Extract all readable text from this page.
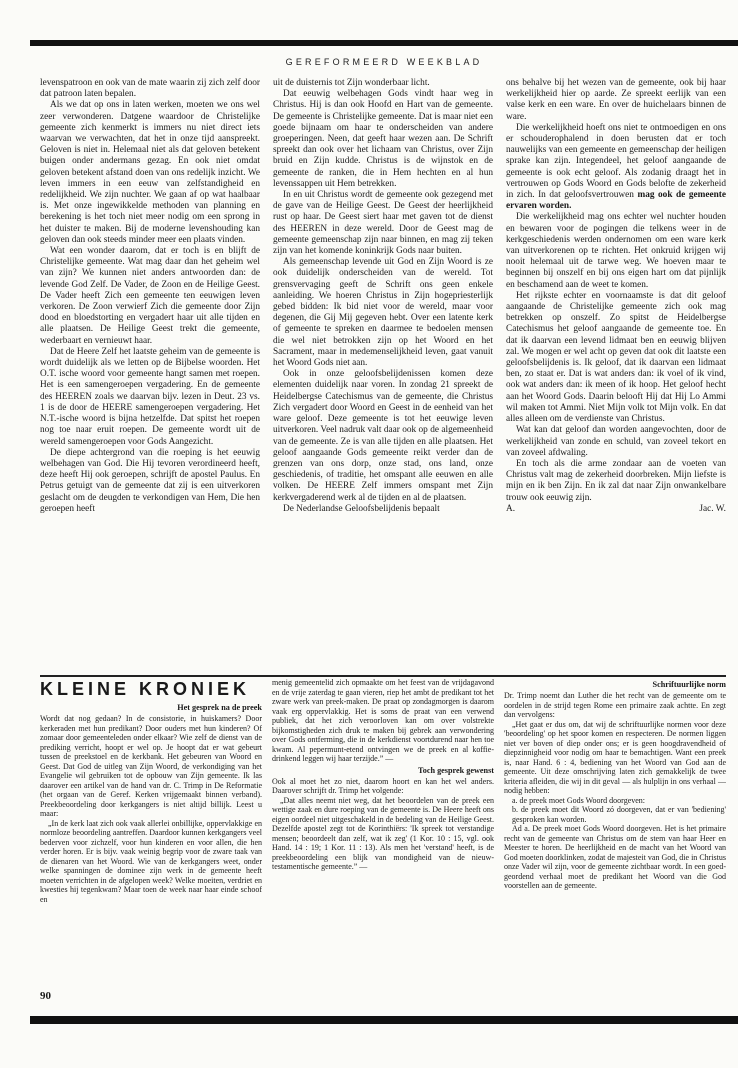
GEREFORMEERD WEEKBLAD

levenspatroon en ook van de mate waarin zij zich zelf door dat patroon laten bepalen.

Als we dat op ons in laten werken, moeten we ons wel zeer verwonderen. Datgene waardoor de Christelijke gemeente zich kenmerkt is immers nu niet direct iets waarvan we verwachten, dat het in onze tijd aanspreekt. Geloven is niet in. Helemaal niet als dat geloven betekent buigen onder andermans gezag. En ook niet omdat geloven betekent afstand doen van ons redelijk inzicht. We leven immers in een eeuw van zelfstandigheid en redelijkheid. We zijn nuchter. We gaan af op wat haalbaar is. Met onze ingewikkelde methoden van planning en berekening is het toch niet meer nodig om een sprong in het duister te maken. Bij de moderne levenshouding kan geloven dan ook steeds minder meer een plaats vinden.

Wat een wonder daarom, dat er toch is en blijft de Christelijke gemeente. Wat mag daar dan het geheim wel van zijn? We kunnen niet anders antwoorden dan: de levende God Zelf. De Vader, de Zoon en de Heilige Geest. De Vader heeft Zich een gemeente ten eeuwigen leven verkoren. De Zoon verwierf Zich die gemeente door Zijn dood en bloedstorting en vergadert haar uit alle tijden en alle plaatsen. De Heilige Geest trekt die gemeente, wederbaart en vernieuwt haar.

Dat de Heere Zelf het laatste geheim van de gemeente is wordt duidelijk als we letten op de Bijbelse woorden. Het O.T. ische woord voor gemeente hangt samen met roepen. Het is een samengeroepen vergadering. En de gemeente des HEEREN zoals we daarvan bijv. lezen in Deut. 23 vs. 1 is de door de HEERE samengeroepen vergadering. Het N.T.-ische woord is bijna hetzelfde. Dat spitst het roepen nog toe naar eruit roepen. De gemeente wordt uit de wereld samengeroepen voor Gods Aangezicht.

De diepe achtergrond van die roeping is het eeuwig welbehagen van God. Die Hij tevoren verordineerd heeft, deze heeft Hij ook geroepen, schrijft de apostel Paulus. En Petrus getuigt van de gemeente dat zij is een uitverkoren geslacht om de deugden te verkondigen van Hem, Die hen geroepen heeft

uit de duisternis tot Zijn wonderbaar licht.

Dat eeuwig welbehagen Gods vindt haar weg in Christus. Hij is dan ook Hoofd en Hart van de gemeente. De gemeente is Christelijke gemeente. Dat is maar niet een goede bijnaam om haar te onderscheiden van andere groeperingen. Neen, dat geeft haar wezen aan. De Schrift spreekt dan ook over het lichaam van Christus, over Zijn bruid en Zijn kudde. Christus is de wijnstok en de gemeente de ranken, die in Hem hechten en al hun levenssappen uit Hem betrekken.

In en uit Christus wordt de gemeente ook gezegend met de gave van de Heilige Geest. De Geest der heerlijkheid rust op haar. De Geest siert haar met gaven tot de dienst des HEEREN in deze wereld. Door de Geest mag de gemeente gemeenschap zijn naar binnen, en mag zij teken zijn van het komende koninkrijk Gods naar buiten.

Als gemeenschap levende uit God en Zijn Woord is ze ook duidelijk onderscheiden van de wereld. Tot grensvervaging geeft de Schrift ons geen enkele aanleiding. We hoeren Christus in Zijn hogepriesterlijk gebed bidden: Ik bid niet voor de wereld, maar voor degenen, die Gij Mij gegeven hebt. Over een latente kerk of gemeente te spreken en daarmee te bedoelen mensen die wel niet betrokken zijn op het Woord en het Sacrament, maar in medemenselijkheid leven, gaat vanuit het Woord Gods niet aan.

Ook in onze geloofsbelijdenissen komen deze elementen duidelijk naar voren. In zondag 21 spreekt de Heidelbergse Catechismus van de gemeente, die Christus Zich vergadert door Woord en Geest in de eenheid van het ware geloof. Deze gemeente is tot het eeuwige leven uitverkoren. Veel nadruk valt daar ook op de algemeenheid van de gemeente. Ze is van alle tijden en alle plaatsen. Het geloof aangaande Gods gemeente reikt verder dan de grenzen van ons dorp, onze stad, ons land, onze geschiedenis, of traditie, het omspant alle eeuwen en alle volken. De HEERE Zelf immers omspant met Zijn kerkvergaderend werk al de tijden en al de plaatsen.

De Nederlandse Geloofsbelijdenis bepaalt

ons behalve bij het wezen van de gemeente, ook bij haar werkelijkheid hier op aarde. Ze spreekt eerlijk van een valse kerk en een ware. En over de huichelaars binnen de ware.

Die werkelijkheid hoeft ons niet te ontmoedigen en ons er schouderophalend in doen berusten dat er toch nauwelijks van een gemeente en gemeenschap der heiligen sprake kan zijn. Integendeel, het geloof aangaande de gemeente is ook echt geloof. Als zodanig draagt het in vertrouwen op Gods Woord en Gods belofte de zekerheid in zich. In dat geloofsvertrouwen mag ook de gemeente ervaren worden.

Die werkelijkheid mag ons echter wel nuchter houden en bewaren voor de pogingen die telkens weer in de kerkgeschiedenis werden ondernomen om een ware kerk van uitverkorenen op te richten. Het onkruid krijgen wij nooit helemaal uit de tarwe weg. We hoeven maar te beginnen bij onszelf en bij ons eigen hart om dat pijnlijk en beschamend aan de weet te komen.

Het rijkste echter en voornaamste is dat dit geloof aangaande de Christelijke gemeente zich ook mag betrekken op onszelf. Zo spitst de Heidelbergse Catechismus het geloof aangaande de gemeente toe. En dat ik daarvan een levend lidmaat ben en eeuwig blijven zal. We mogen er wel acht op geven dat ook dit laatste een geloofsbelijdenis is. Ik geloof, dat ik daarvan een lidmaat ben, zo staat er. Dat is wat anders dan: ik voel of ik vind, ook wat anders dan: ik meen of ik hoop. Het geloof hecht aan het Woord Gods. Daarin belooft Hij dat Hij Lo Ammi wil maken tot Ammi. Niet Mijn volk tot Mijn volk. En dat alles alleen om de verdienste van Christus.

Wat kan dat geloof dan worden aangevochten, door de werkelijkheid van zonde en schuld, van zoveel tekort en van zoveel afdwaling.

En toch als die arme zondaar aan de voeten van Christus valt mag de zekerheid doorbreken. Mijn liefste is mijn en ik ben Zijn. En ik zal dat naar Zijn onwankelbare trouw ook eeuwig zijn.

A.	Jac. W.
KLEINE KRONIEK
Het gesprek na de preek

Wordt dat nog gedaan? In de consistorie, in huiskamers? Door kerkeraden met hun predikant? Door ouders met hun kinderen? Of zomaar door gemeenteleden onder elkaar? Wie zelf de dienst van de prediking verricht, hoopt er wel op. Je hoopt dat er wat gebeurt tussen de preekstoel en de kerkbank. Het gebeuren van Woord en Geest. Dat God de uitleg van Zijn Woord, de verkondiging van het Evangelie wil gebruiken tot de opbouw van Zijn gemeente. Ik las daarover een artikel van de hand van dr. C. Trimp in De Reformatie (het orgaan van de Geref. Kerken vrijgemaakt binnen verband). Preekbeoordeling door kerkgangers is niet altijd billijk. Leest u maar:

„In de kerk laat zich ook vaak allerlei onbillijke, oppervlakkige en normloze beoordeling aantreffen. Daardoor kunnen kerkgangers veel bederven voor zichzelf, voor hun kinderen en voor allen, die hen verder horen. Er is bijv. vaak weinig begrip voor de zware taak van de dienaren van het Woord. Wie van de kerkgangers weet, onder welke spanningen de dominee zijn werk in de gemeente heeft moeten verrichten in de afgelopen week? Welke moeiten, verdriet en kwesties hij tegenkwam? Maar toen de week naar haar einde schoof en

menig gemeentelid zich opmaakte om het feest van de vrijdagavond en de vrije zaterdag te gaan vieren, riep het ambt de predikant tot het zware werk van preek-maken. De praat op zondagmorgen is daarom vaak erg oppervlakkig. Het is soms de praat van een verwend publiek, dat het zich veroorloven kan om over volstrekte bijkomstigheden zich druk te maken bij gebrek aan verwondering over Gods ontferming, die in de kerkdienst voortdurend naar hen toe kwam. Al pepermunt-etend ontvingen we de preek en al koffie-drinkend leggen wij haar terzijde.” —

Toch gesprek gewenst

Ook al moet het zo niet, daarom hoort en kan het wel anders. Daarover schrijft dr. Trimp het volgende:

„Dat alles neemt niet weg, dat het beoordelen van de preek een wettige zaak en dure roeping van de gemeente is. De Heere heeft ons eigen oordeel niet uitgeschakeld in de bedeling van de Heilige Geest. Dezelfde apostel zegt tot de Korinthiërs: 'Ik spreek tot verstandige mensen; beoordeelt dan zelf, wat ik zeg' (1 Kor. 10 : 15, vgl. ook Hand. 14 : 19; 1 Kor. 11 : 13). Als men het 'verstand' heeft, is de preekbeoordeling een blijk van mondigheid van de nieuw-testamentische gemeente.” —

Schriftuurlijke norm

Dr. Trimp noemt dan Luther die het recht van de gemeente om te oordelen in de strijd tegen Rome een primaire zaak achtte. En zegt dan vervolgens:

„Het gaat er dus om, dat wij de schriftuurlijke normen voor deze 'beoordeling' op het spoor komen en respecteren. De normen liggen niet ver boven of diep onder ons; er is geen hoogdravendheid of diepzinnigheid voor nodig om haar te bemachtigen. Want een preek is, naar Hand. 6 : 4, bediening van het Woord van God aan de gemeente. Uit deze omschrijving laten zich gemakkelijk de twee kriteria afleiden, die wij in dit geval — als hulplijn in ons verhaal — nodig hebben:

a. de preek moet Gods Woord doorgeven:

b. de preek moet dit Woord zó doorgeven, dat er van 'bediening' gesproken kan worden.

Ad a. De preek moet Gods Woord doorgeven. Het is het primaire recht van de gemeente van Christus om de stem van haar Heer en Meester te horen. De heerlijkheid en de macht van het Woord van God moeten doorklinken, zodat de majesteit van God, die in Christus onze Vader wil zijn, voor de gemeente zichtbaar wordt. In een goed-geordend verhaal moet de predikant het Woord van die God voorstellen aan de gemeente.

90
